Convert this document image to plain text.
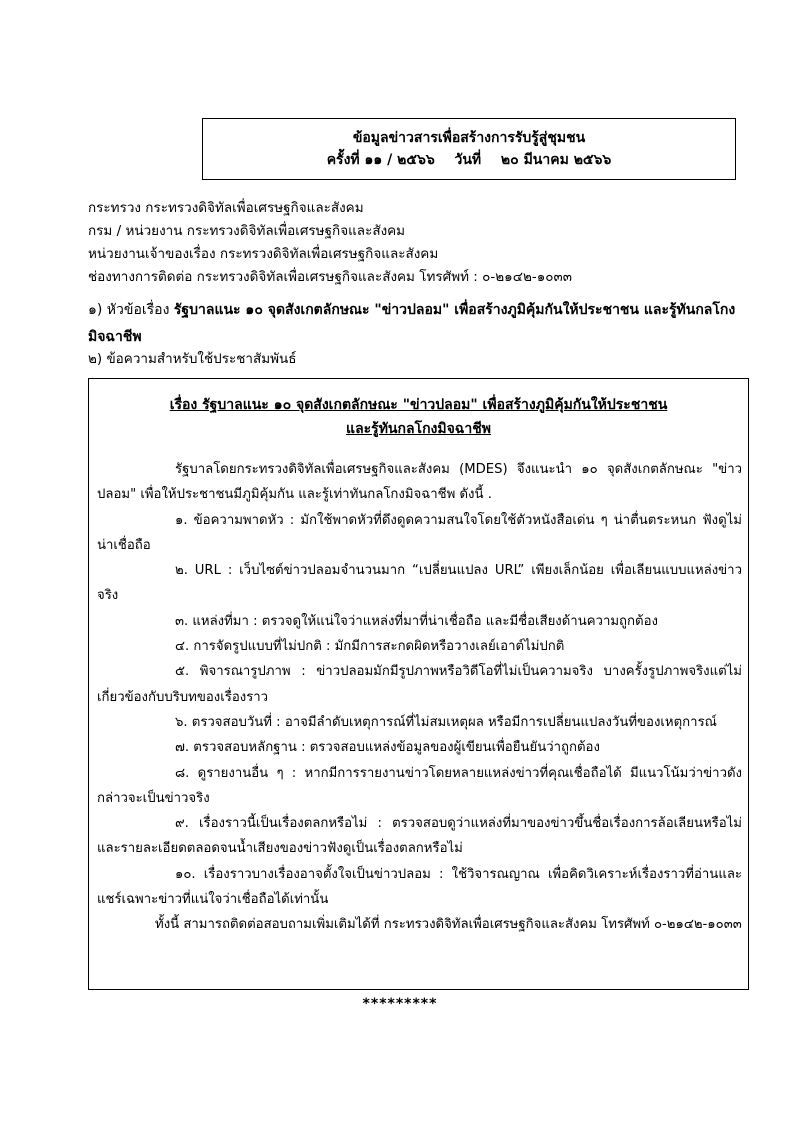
ข้อมูลข่าวสารเพื่อสร้างการรับรู้สู่ชุมชน
ครั้งที่ ๑๑ / ๒๕๖๖ วันที่ ๒๐ มีนาคม ๒๕๖๖
กระทรวง กระทรวงดิจิทัลเพื่อเศรษฐกิจและสังคม
กรม / หน่วยงาน กระทรวงดิจิทัลเพื่อเศรษฐกิจและสังคม
หน่วยงานเจ้าของเรื่อง กระทรวงดิจิทัลเพื่อเศรษฐกิจและสังคม
ช่องทางการติดต่อ กระทรวงดิจิทัลเพื่อเศรษฐกิจและสังคม โทรศัพท์ : ๐-๒๑๔๒-๑๐๓๓
๑) หัวข้อเรื่อง รัฐบาลแนะ ๑๐ จุดสังเกตลักษณะ "ข่าวปลอม" เพื่อสร้างภูมิคุ้มกันให้ประชาชน และรู้ทันกลโกงมิจฉาชีพ
๒) ข้อความสำหรับใช้ประชาสัมพันธ์
เรื่อง รัฐบาลแนะ ๑๐ จุดสังเกตลักษณะ "ข่าวปลอม" เพื่อสร้างภูมิคุ้มกันให้ประชาชน
และรู้ทันกลโกงมิจฉาชีพ

รัฐบาลโดยกระทรวงดิจิทัลเพื่อเศรษฐกิจและสังคม (MDES) จึงแนะนำ ๑๐ จุดสังเกตลักษณะ "ข่าวปลอม" เพื่อให้ประชาชนมีภูมิคุ้มกัน และรู้เท่าทันกลโกงมิจฉาชีพ ดังนี้ .

๑. ข้อความพาดหัว : มักใช้พาดหัวที่ดึงดูดความสนใจโดยใช้ตัวหนังสือเด่น ๆ น่าตื่นตระหนก ฟังดูไม่น่าเชื่อถือ

๒. URL : เว็บไซต์ข่าวปลอมจำนวนมาก “เปลี่ยนแปลง URL” เพียงเล็กน้อย เพื่อเลียนแบบแหล่งข่าวจริง

๓. แหล่งที่มา : ตรวจดูให้แน่ใจว่าแหล่งที่มาที่น่าเชื่อถือ และมีชื่อเสียงด้านความถูกต้อง

๔. การจัดรูปแบบที่ไม่ปกติ : มักมีการสะกดผิดหรือวางเลย์เอาต์ไม่ปกติ

๕. พิจารณารูปภาพ : ข่าวปลอมมักมีรูปภาพหรือวิดีโอที่ไม่เป็นความจริง บางครั้งรูปภาพจริงแต่ไม่เกี่ยวข้องกับบริบทของเรื่องราว

๖. ตรวจสอบวันที่ : อาจมีลำดับเหตุการณ์ที่ไม่สมเหตุผล หรือมีการเปลี่ยนแปลงวันที่ของเหตุการณ์

๗. ตรวจสอบหลักฐาน : ตรวจสอบแหล่งข้อมูลของผู้เขียนเพื่อยืนยันว่าถูกต้อง

๘. ดูรายงานอื่น ๆ : หากมีการรายงานข่าวโดยหลายแหล่งข่าวที่คุณเชื่อถือได้ มีแนวโน้มว่าข่าวดังกล่าวจะเป็นข่าวจริง

๙. เรื่องราวนี้เป็นเรื่องตลกหรือไม่ : ตรวจสอบดูว่าแหล่งที่มาของข่าวขึ้นชื่อเรื่องการล้อเลียนหรือไม่ และรายละเอียดตลอดจนน้ำเสียงของข่าวฟังดูเป็นเรื่องตลกหรือไม่

๑๐. เรื่องราวบางเรื่องอาจตั้งใจเป็นข่าวปลอม : ใช้วิจารณญาณ เพื่อคิดวิเคราะห์เรื่องราวที่อ่านและแชร์เฉพาะข่าวที่แน่ใจว่าเชื่อถือได้เท่านั้น

ทั้งนี้ สามารถติดต่อสอบถามเพิ่มเติมได้ที่ กระทรวงดิจิทัลเพื่อเศรษฐกิจและสังคม โทรศัพท์ ๐-๒๑๔๒-๑๐๓๓

*********
